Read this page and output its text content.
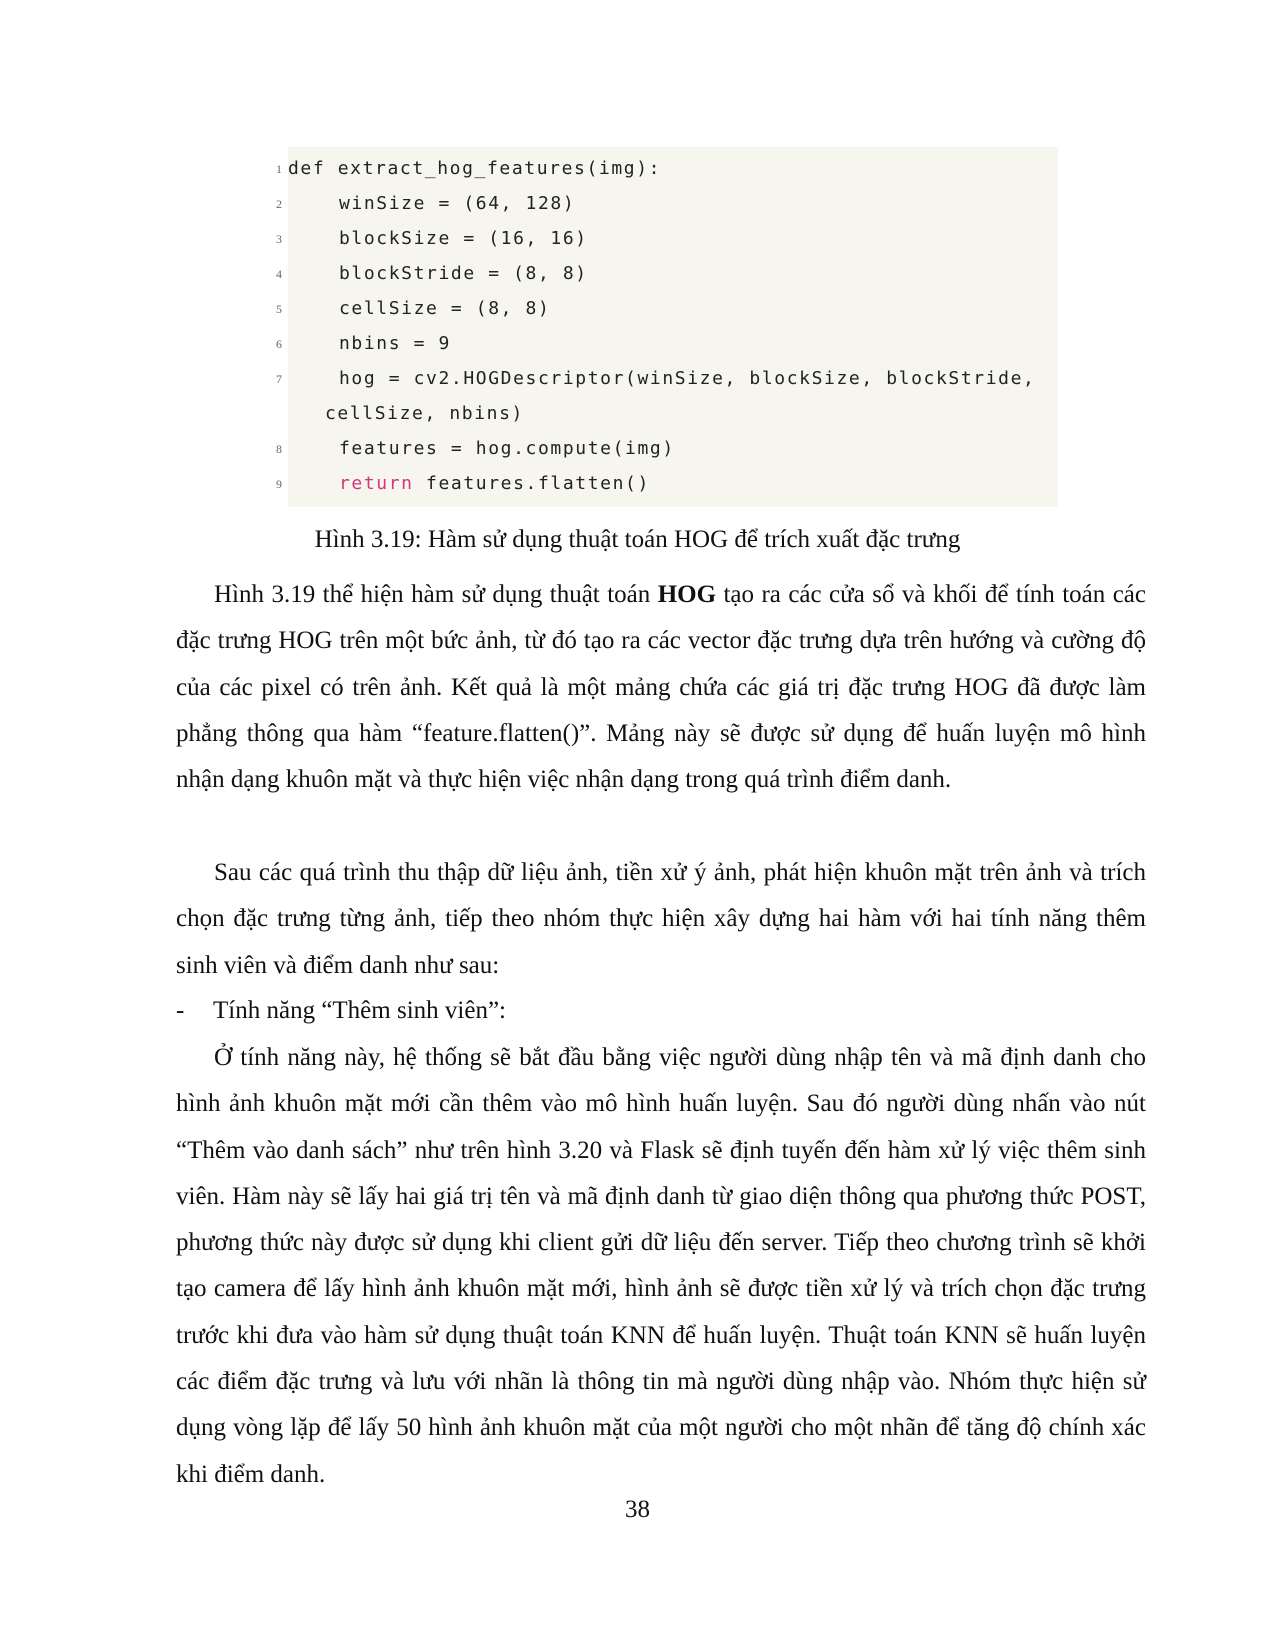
1 def extract_hog_features(img):
2	winSize = (64, 128)
3	blockSize = (16, 16)
4	blockStride = (8, 8)
5	cellSize = (8, 8)
6	nbins = 9
7	hog = cv2.HOGDescriptor(winSize, blockSize, blockStride,
cellSize, nbins)
8	features = hog.compute(img)
9	return features.flatten()
Hình 3.19: Hàm sử dụng thuật toán HOG để trích xuất đặc trưng

Hình 3.19 thể hiện hàm sử dụng thuật toán HOG tạo ra các cửa sổ và khối để tính toán các đặc trưng HOG trên một bức ảnh, từ đó tạo ra các vector đặc trưng dựa trên hướng và cường độ của các pixel có trên ảnh. Kết quả là một mảng chứa các giá trị đặc trưng HOG đã được làm phẳng thông qua hàm “feature.flatten()”. Mảng này sẽ được sử dụng để huấn luyện mô hình nhận dạng khuôn mặt và thực hiện việc nhận dạng trong quá trình điểm danh.

Sau các quá trình thu thập dữ liệu ảnh, tiền xử ý ảnh, phát hiện khuôn mặt trên ảnh và trích chọn đặc trưng từng ảnh, tiếp theo nhóm thực hiện xây dựng hai hàm với hai tính năng thêm sinh viên và điểm danh như sau:

- Tính năng “Thêm sinh viên”:

Ở tính năng này, hệ thống sẽ bắt đầu bằng việc người dùng nhập tên và mã định danh cho hình ảnh khuôn mặt mới cần thêm vào mô hình huấn luyện. Sau đó người dùng nhấn vào nút “Thêm vào danh sách” như trên hình 3.20 và Flask sẽ định tuyến đến hàm xử lý việc thêm sinh viên. Hàm này sẽ lấy hai giá trị tên và mã định danh từ giao diện thông qua phương thức POST, phương thức này được sử dụng khi client gửi dữ liệu đến server. Tiếp theo chương trình sẽ khởi tạo camera để lấy hình ảnh khuôn mặt mới, hình ảnh sẽ được tiền xử lý và trích chọn đặc trưng trước khi đưa vào hàm sử dụng thuật toán KNN để huấn luyện. Thuật toán KNN sẽ huấn luyện các điểm đặc trưng và lưu với nhãn là thông tin mà người dùng nhập vào. Nhóm thực hiện sử dụng vòng lặp để lấy 50 hình ảnh khuôn mặt của một người cho một nhãn để tăng độ chính xác khi điểm danh.

38
